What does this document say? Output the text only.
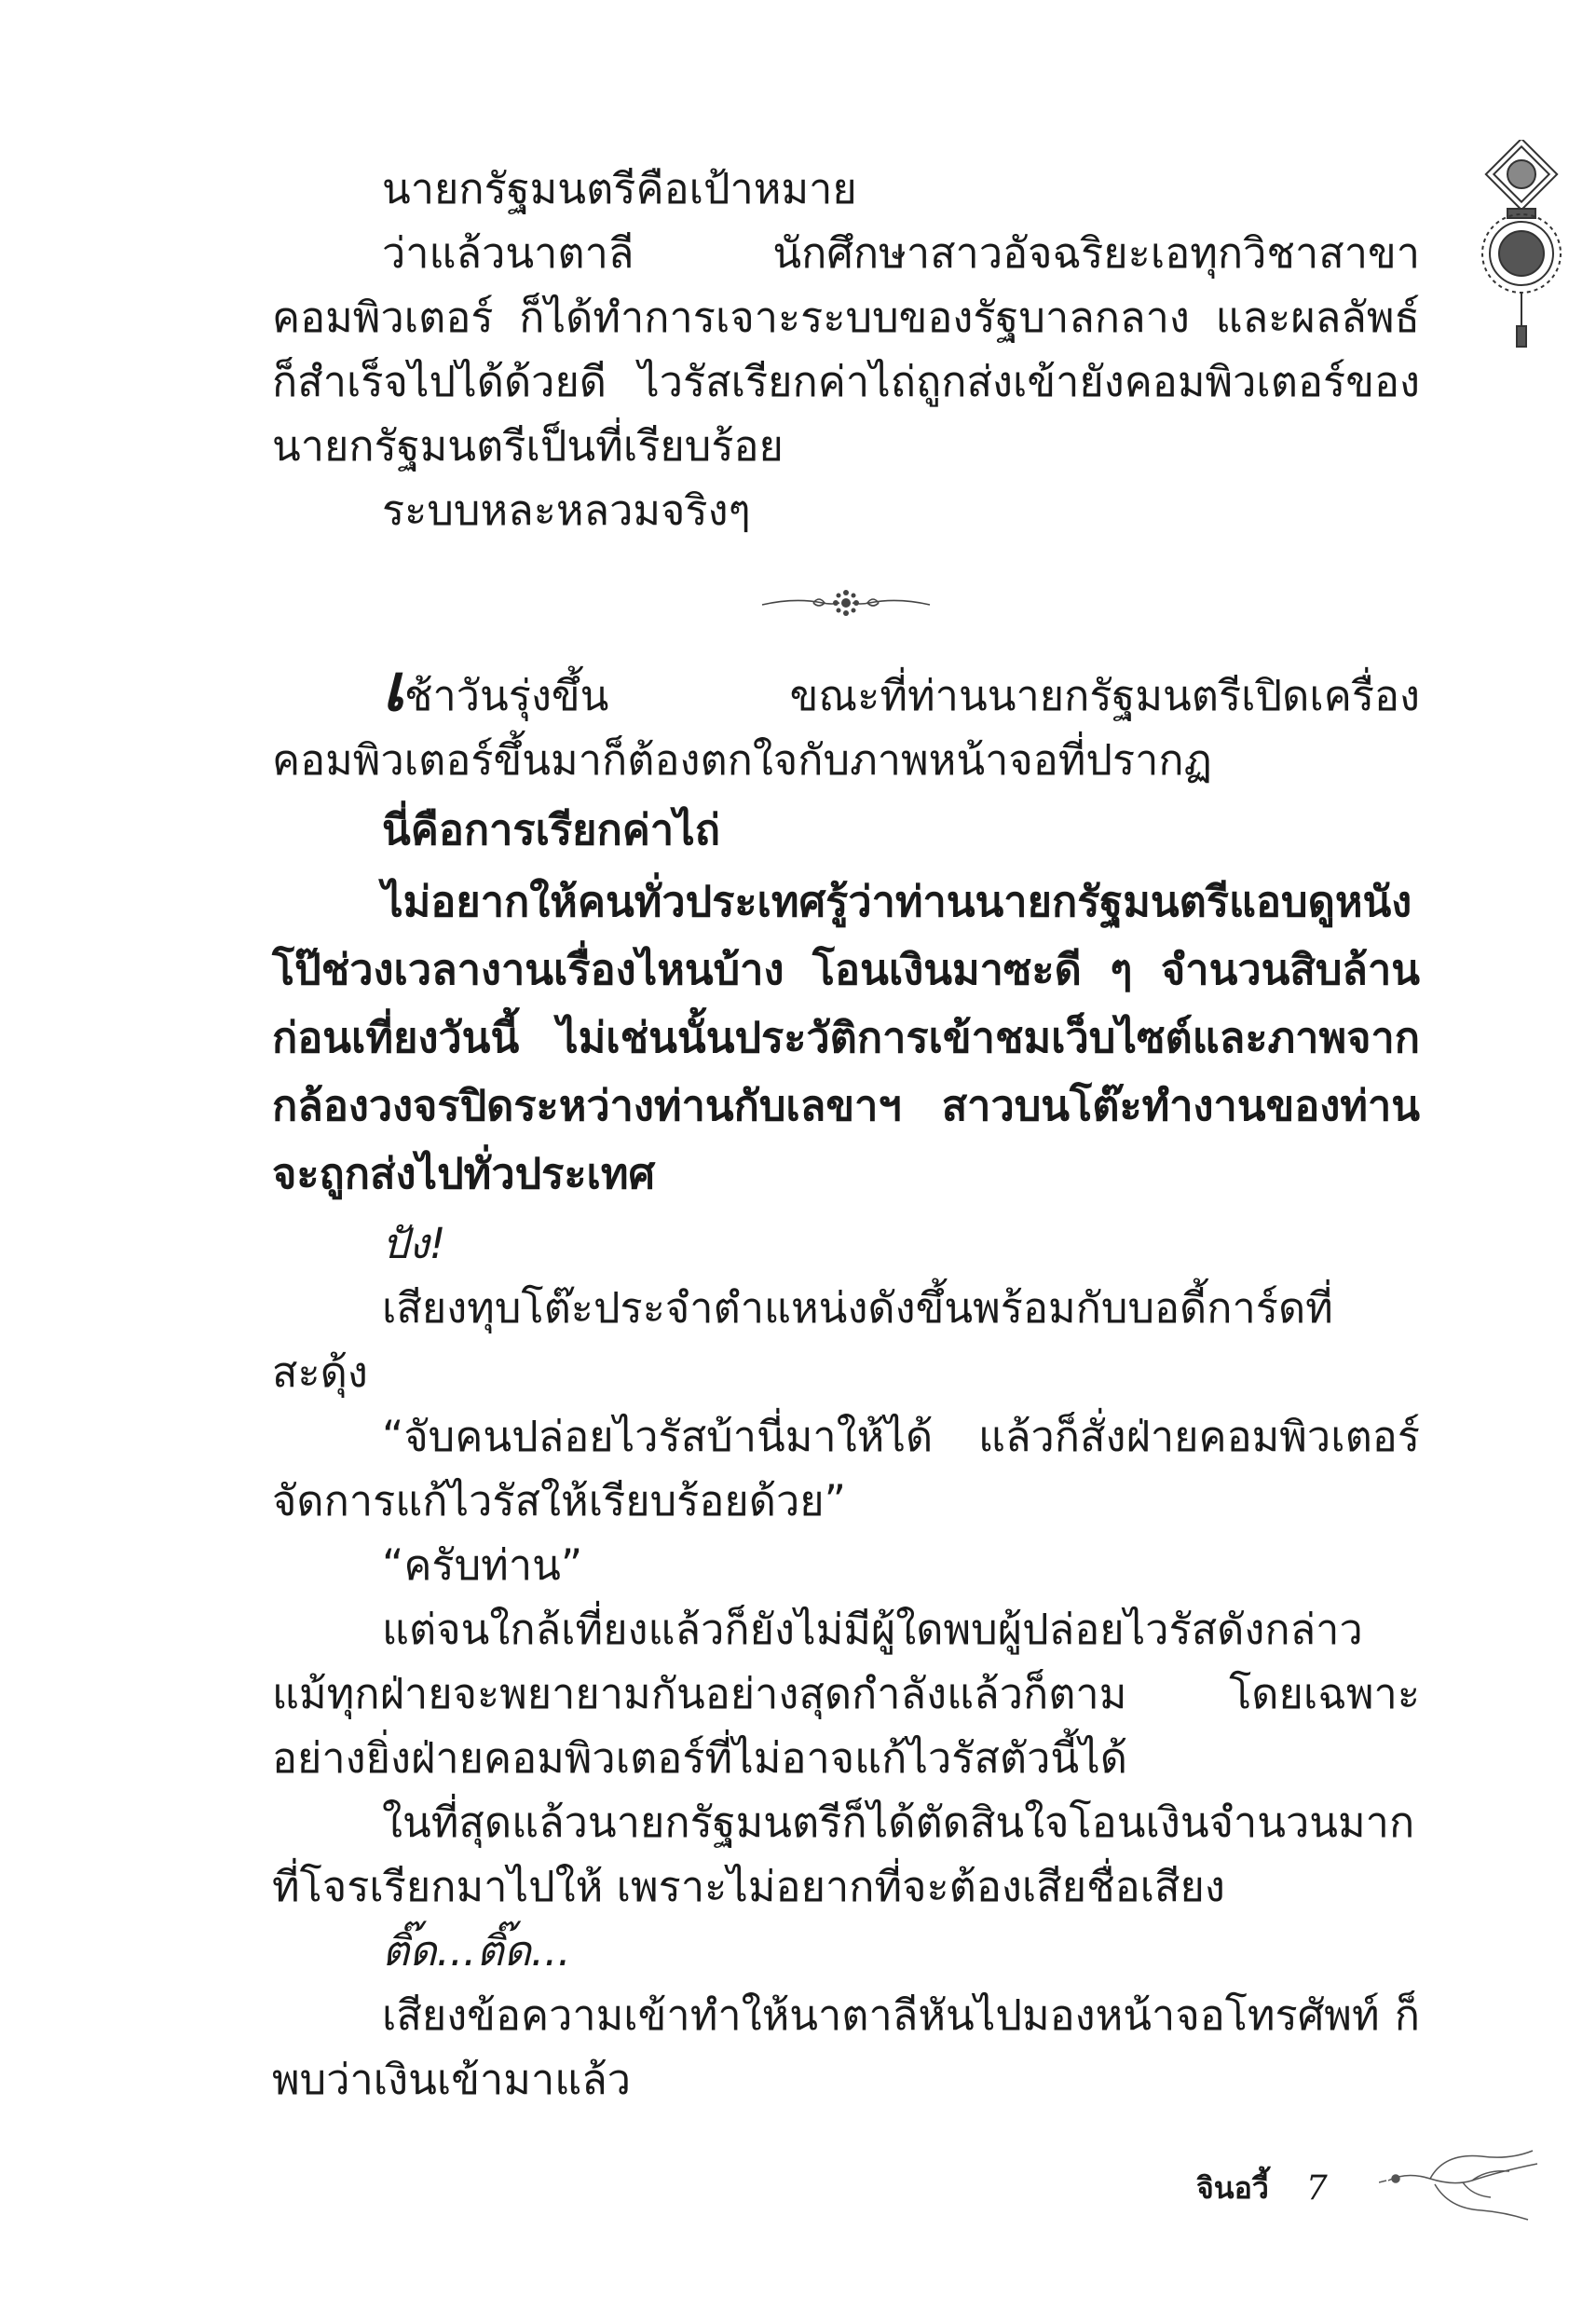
นายกรัฐมนตรีคือเป้าหมาย

ว่าแล้วนาตาลี นักศึกษาสาวอัจฉริยะเอทุกวิชาสาขาคอมพิวเตอร์ ก็ได้ทำการเจาะระบบของรัฐบาลกลาง และผลลัพธ์ก็สำเร็จไปได้ด้วยดี ไวรัสเรียกค่าไถ่ถูกส่งเข้ายังคอมพิวเตอร์ของนายกรัฐมนตรีเป็นที่เรียบร้อย

ระบบหละหลวมจริงๆ

เช้าวันรุ่งขึ้น ขณะที่ท่านนายกรัฐมนตรีเปิดเครื่องคอมพิวเตอร์ขึ้นมาก็ต้องตกใจกับภาพหน้าจอที่ปรากฏ

นี่คือการเรียกค่าไถ่

ไม่อยากให้คนทั่วประเทศรู้ว่าท่านนายกรัฐมนตรีแอบดูหนังโป๊ช่วงเวลางานเรื่องไหนบ้าง โอนเงินมาซะดี ๆ จำนวนสิบล้าน ก่อนเที่ยงวันนี้ ไม่เช่นนั้นประวัติการเข้าชมเว็บไซต์และภาพจากกล้องวงจรปิดระหว่างท่านกับเลขาฯ สาวบนโต๊ะทำงานของท่านจะถูกส่งไปทั่วประเทศ

ปัง!

เสียงทุบโต๊ะประจำตำแหน่งดังขึ้นพร้อมกับบอดี้การ์ดที่สะดุ้ง

“จับคนปล่อยไวรัสบ้านี่มาให้ได้ แล้วก็สั่งฝ่ายคอมพิวเตอร์จัดการแก้ไวรัสให้เรียบร้อยด้วย”

“ครับท่าน”

แต่จนใกล้เที่ยงแล้วก็ยังไม่มีผู้ใดพบผู้ปล่อยไวรัสดังกล่าว แม้ทุกฝ่ายจะพยายามกันอย่างสุดกำลังแล้วก็ตาม โดยเฉพาะอย่างยิ่งฝ่ายคอมพิวเตอร์ที่ไม่อาจแก้ไวรัสตัวนี้ได้

ในที่สุดแล้วนายกรัฐมนตรีก็ได้ตัดสินใจโอนเงินจำนวนมากที่โจรเรียกมาไปให้ เพราะไม่อยากที่จะต้องเสียชื่อเสียง

ติ๊ด...ติ๊ด...

เสียงข้อความเข้าทำให้นาตาลีหันไปมองหน้าจอโทรศัพท์ ก็พบว่าเงินเข้ามาแล้ว

จินอวี้ 7
